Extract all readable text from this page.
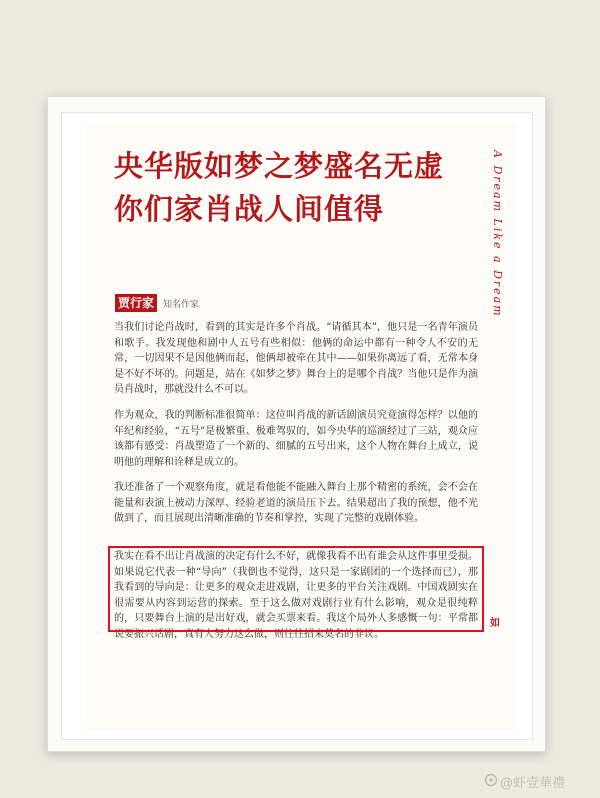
央华版如梦之梦盛名无虚
你们家肖战人间值得	A Dream Like a Dream
如
贾行家 知名作家

当我们讨论肖战时，看到的其实是许多个肖战。“请循其本”，他只是一名青年演员和歌手。我发现他和剧中人五号有些相似：他俩的命运中都有一种令人不安的无常，一切因果不是因他俩而起，他俩却被牵在其中——如果你离远了看，无常本身是不好不坏的。问题是，站在《如梦之梦》舞台上的是哪个肖战？当他只是作为演员肖战时，那就没什么不可以。

作为观众，我的判断标准很简单：这位叫肖战的新话剧演员究竟演得怎样？以他的年纪和经验，“五号”是极繁重、极难驾驭的，如今央华的巡演经过了三站，观众应该都有感受：肖战塑造了一个新的、细腻的五号出来，这个人物在舞台上成立，说明他的理解和诠释是成立的。

我还准备了一个观察角度，就是看他能不能融入舞台上那个精密的系统，会不会在能量和表演上被动力深厚、经验老道的演员压下去。结果超出了我的预想，他不光做到了，而且展现出清晰准确的节奏和掌控，实现了完整的戏剧体验。

我实在看不出让肖战演的决定有什么不好，就像我看不出有谁会从这件事里受损。如果说它代表一种“导向”（我倒也不觉得，这只是一家剧团的一个选择而已），那我看到的导向是：让更多的观众走进戏剧，让更多的平台关注戏剧。中国戏剧实在很需要从内容到运营的探索。至于这么做对戏剧行业有什么影响，观众是很纯粹的，只要舞台上演的是出好戏，就会买票来看。我这个局外人多感慨一句：平常都说要振兴话剧，真有人努力这么做，则往往招来莫名的非议。

@虾壹華禮
